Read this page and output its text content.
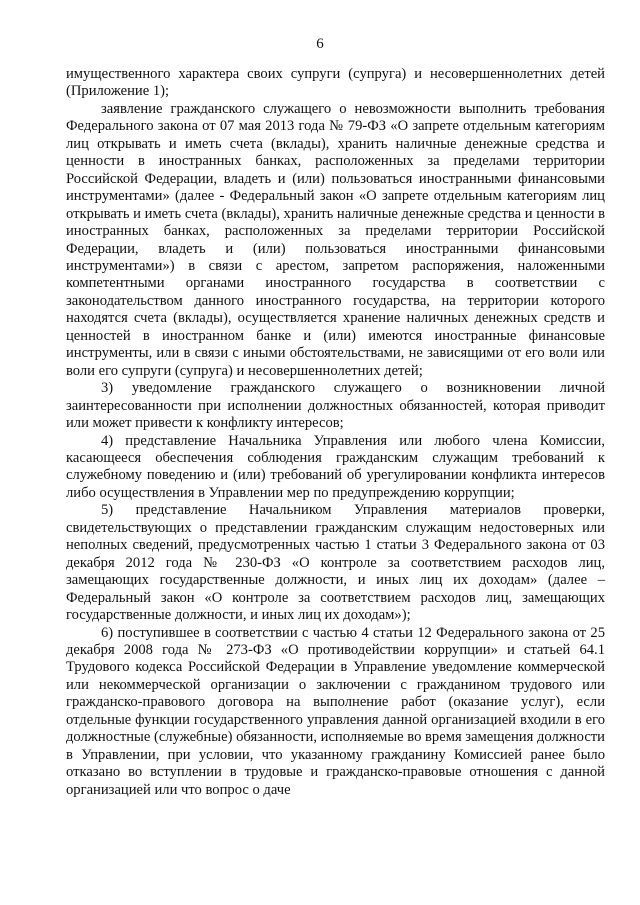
6

имущественного характера своих супруги (супруга) и несовершеннолетних детей (Приложение 1);

заявление гражданского служащего о невозможности выполнить требования Федерального закона от 07 мая 2013 года № 79-ФЗ «О запрете отдельным категориям лиц открывать и иметь счета (вклады), хранить наличные денежные средства и ценности в иностранных банках, расположенных за пределами территории Российской Федерации, владеть и (или) пользоваться иностранными финансовыми инструментами» (далее - Федеральный закон «О запрете отдельным категориям лиц открывать и иметь счета (вклады), хранить наличные денежные средства и ценности в иностранных банках, расположенных за пределами территории Российской Федерации, владеть и (или) пользоваться иностранными финансовыми инструментами») в связи с арестом, запретом распоряжения, наложенными компетентными органами иностранного государства в соответствии с законодательством данного иностранного государства, на территории которого находятся счета (вклады), осуществляется хранение наличных денежных средств и ценностей в иностранном банке и (или) имеются иностранные финансовые инструменты, или в связи с иными обстоятельствами, не зависящими от его воли или воли его супруги (супруга) и несовершеннолетних детей;

3) уведомление гражданского служащего о возникновении личной заинтересованности при исполнении должностных обязанностей, которая приводит или может привести к конфликту интересов;

4) представление Начальника Управления или любого члена Комиссии, касающееся обеспечения соблюдения гражданским служащим требований к служебному поведению и (или) требований об урегулировании конфликта интересов либо осуществления в Управлении мер по предупреждению коррупции;

5) представление Начальником Управления материалов проверки, свидетельствующих о представлении гражданским служащим недостоверных или неполных сведений, предусмотренных частью 1 статьи 3 Федерального закона от 03 декабря 2012 года № 230-ФЗ «О контроле за соответствием расходов лиц, замещающих государственные должности, и иных лиц их доходам» (далее – Федеральный закон «О контроле за соответствием расходов лиц, замещающих государственные должности, и иных лиц их доходам»);

6) поступившее в соответствии с частью 4 статьи 12 Федерального закона от 25 декабря 2008 года № 273-ФЗ «О противодействии коррупции» и статьей 64.1 Трудового кодекса Российской Федерации в Управление уведомление коммерческой или некоммерческой организации о заключении с гражданином трудового или гражданско-правового договора на выполнение работ (оказание услуг), если отдельные функции государственного управления данной организацией входили в его должностные (служебные) обязанности, исполняемые во время замещения должности в Управлении, при условии, что указанному гражданину Комиссией ранее было отказано во вступлении в трудовые и гражданско-правовые отношения с данной организацией или что вопрос о даче
